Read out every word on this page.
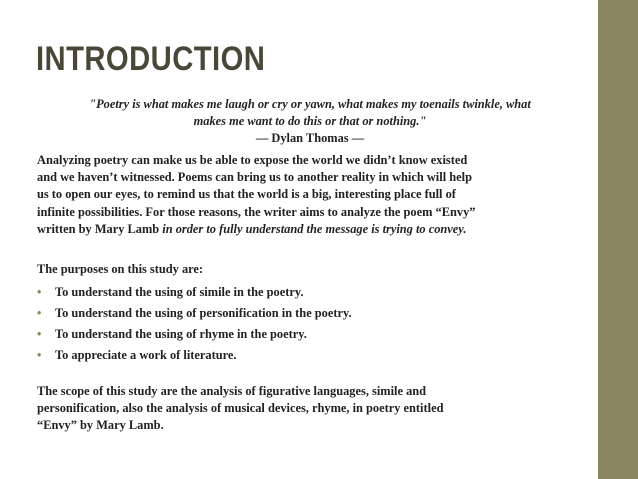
INTRODUCTION
"Poetry is what makes me laugh or cry or yawn, what makes my toenails twinkle, what
makes me want to do this or that or nothing."
— Dylan Thomas —
Analyzing poetry can make us be able to expose the world we didn’t know existed
and we haven’t witnessed. Poems can bring us to another reality in which will help
us to open our eyes, to remind us that the world is a big, interesting place full of
infinite possibilities. For those reasons, the writer aims to analyze the poem “Envy”
written by Mary Lamb in order to fully understand the message is trying to convey.
The purposes on this study are:
• To understand the using of simile in the poetry.
• To understand the using of personification in the poetry.
• To understand the using of rhyme in the poetry.
• To appreciate a work of literature.
The scope of this study are the analysis of figurative languages, simile and
personification, also the analysis of musical devices, rhyme, in poetry entitled
“Envy” by Mary Lamb.
